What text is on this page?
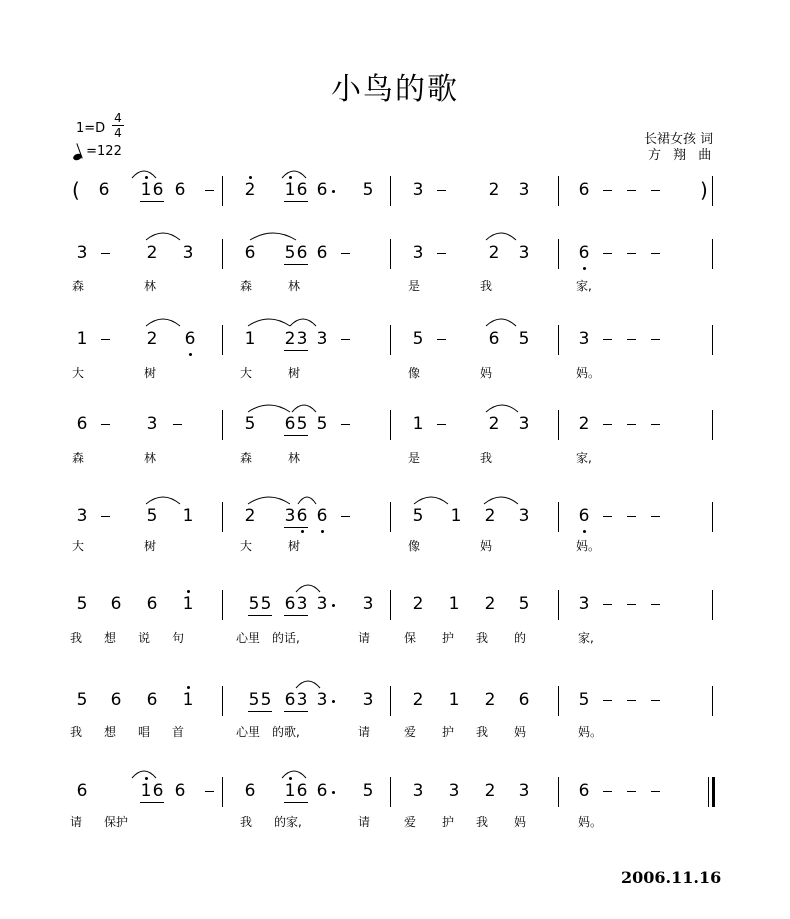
小鸟的歌
1=D
4
4
=122
长裙女孩 词
方 翔 曲
6 1 6 6	2 1 6 6 5 3	2 3	6
(	)
3	2 3	6 5 6 6	3	2 3	6
森	林	森	林	是	我	家,
1	2 6	1 2 3 3	5	6 5	3
大	树	大	树	像	妈	妈。
6	3	5 6 5 5	1	2 3	2
森	林	森	林	是	我	家,
3	5 1	2 3 6 6	5 1 2 3	6
大	树	大	树	像	妈	妈。
5 6 6 1	5 5 6 3 3 3 2 1 2 5	3
我 想 说 句	心里 的话,	请	保 护 我 的	家,
5 6 6 1	5 5 6 3 3 3 2 1 2 6	5
我 想 唱 首	心里 的歌,	请	爱 护 我 妈	妈。
6	1 6 6	6 1 6 6 5 3 3 2 3	6
请 保护	我 的家,	请	爱 护 我 妈	妈。
2006.11.16
